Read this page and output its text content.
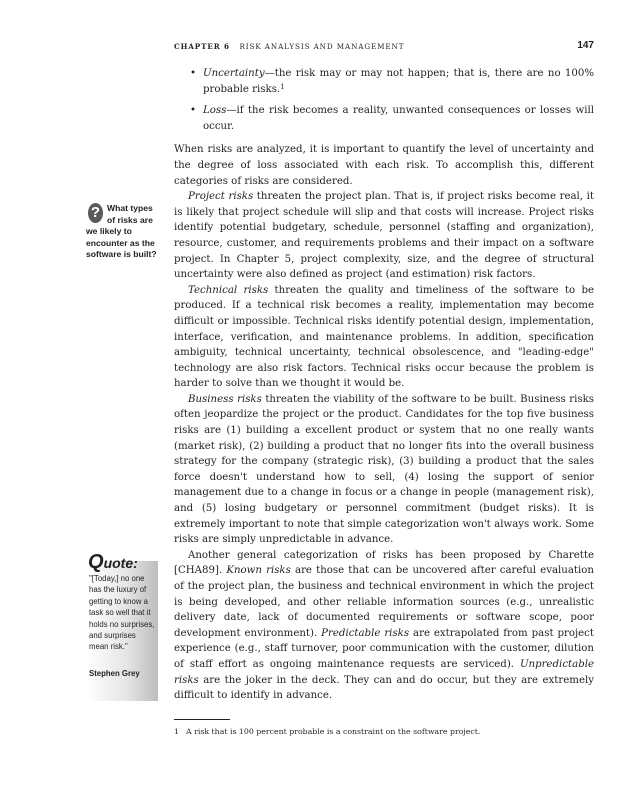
CHAPTER 6 RISK ANALYSIS AND MANAGEMENT	147
• Uncertainty—the risk may or may not happen; that is, there are no 100% probable risks.$^1$
• Loss—if the risk becomes a reality, unwanted consequences or losses will occur.

When risks are analyzed, it is important to quantify the level of uncertainty and the degree of loss associated with each risk. To accomplish this, different categories of risks are considered.

Project risks threaten the project plan. That is, if project risks become real, it is likely that project schedule will slip and that costs will increase. Project risks identify potential budgetary, schedule, personnel (staffing and organization), resource, customer, and requirements problems and their impact on a software project. In Chapter 5, project complexity, size, and the degree of structural uncertainty were also defined as project (and estimation) risk factors.

Technical risks threaten the quality and timeliness of the software to be produced. If a technical risk becomes a reality, implementation may become difficult or impossible. Technical risks identify potential design, implementation, interface, verification, and maintenance problems. In addition, specification ambiguity, technical uncertainty, technical obsolescence, and "leading-edge" technology are also risk factors. Technical risks occur because the problem is harder to solve than we thought it would be.

Business risks threaten the viability of the software to be built. Business risks often jeopardize the project or the product. Candidates for the top five business risks are (1) building a excellent product or system that no one really wants (market risk), (2) building a product that no longer fits into the overall business strategy for the company (strategic risk), (3) building a product that the sales force doesn't understand how to sell, (4) losing the support of senior management due to a change in focus or a change in people (management risk), and (5) losing budgetary or personnel commitment (budget risks). It is extremely important to note that simple categorization won't always work. Some risks are simply unpredictable in advance.

Another general categorization of risks has been proposed by Charette [CHA89]. Known risks are those that can be uncovered after careful evaluation of the project plan, the business and technical environment in which the project is being developed, and other reliable information sources (e.g., unrealistic delivery date, lack of documented requirements or software scope, poor development environment). Predictable risks are extrapolated from past project experience (e.g., staff turnover, poor communication with the customer, dilution of staff effort as ongoing maintenance requests are serviced). Unpredictable risks are the joker in the deck. They can and do occur, but they are extremely difficult to identify in advance.

? What types of risks are we likely to encounter as the software is built?
Quote:
"[Today,] no one has the luxury of getting to know a task so well that it holds no surprises, and surprises mean risk."
Stephen Grey
1 A risk that is 100 percent probable is a constraint on the software project.
